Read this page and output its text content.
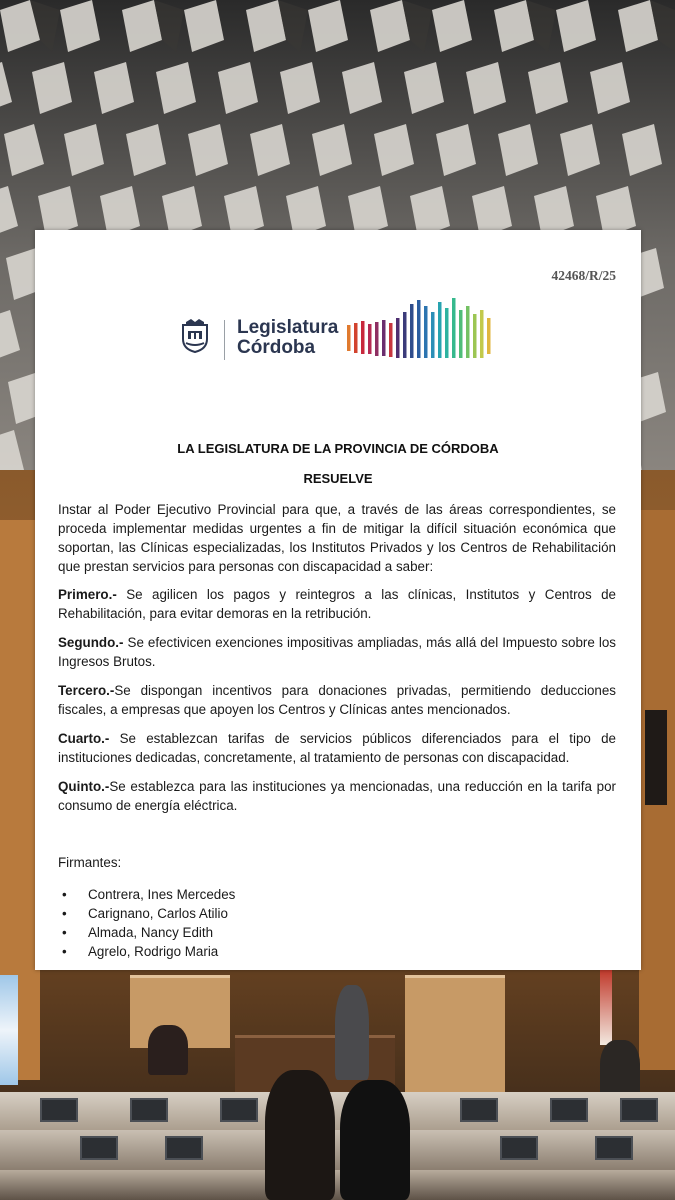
42468/R/25
Legislatura
Córdoba
LA LEGISLATURA DE LA PROVINCIA DE CÓRDOBA
RESUELVE
Instar al Poder Ejecutivo Provincial para que, a través de las áreas correspondientes, se proceda implementar medidas urgentes a fin de mitigar la difícil situación económica que soportan, las Clínicas especializadas, los Institutos Privados y los Centros de Rehabilitación que prestan servicios para personas con discapacidad a saber:
Primero.- Se agilicen los pagos y reintegros a las clínicas, Institutos y Centros de Rehabilitación, para evitar demoras en la retribución.
Segundo.- Se efectivicen exenciones impositivas ampliadas, más allá del Impuesto sobre los Ingresos Brutos.
Tercero.-Se dispongan incentivos para donaciones privadas, permitiendo deducciones fiscales, a empresas que apoyen los Centros y Clínicas antes mencionados.
Cuarto.- Se establezcan tarifas de servicios públicos diferenciados para el tipo de instituciones dedicadas, concretamente, al tratamiento de personas con discapacidad.
Quinto.-Se establezca para las instituciones ya mencionadas, una reducción en la tarifa por consumo de energía eléctrica.
Firmantes:
• Contrera, Ines Mercedes
• Carignano, Carlos Atilio
• Almada, Nancy Edith
• Agrelo, Rodrigo Maria
